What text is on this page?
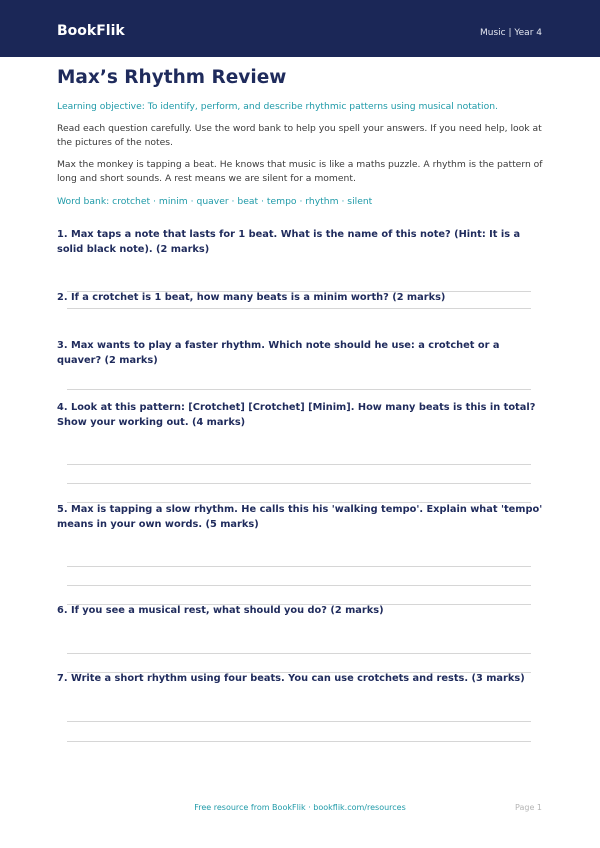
BookFlik	Music | Year 4
Max’s Rhythm Review
Learning objective: To identify, perform, and describe rhythmic patterns using musical notation.
Read each question carefully. Use the word bank to help you spell your answers. If you need help, look at the pictures of the notes.
Max the monkey is tapping a beat. He knows that music is like a maths puzzle. A rhythm is the pattern of long and short sounds. A rest means we are silent for a moment.
Word bank: crotchet · minim · quaver · beat · tempo · rhythm · silent
1. Max taps a note that lasts for 1 beat. What is the name of this note? (Hint: It is a solid black note). (2 marks)
2. If a crotchet is 1 beat, how many beats is a minim worth? (2 marks)
3. Max wants to play a faster rhythm. Which note should he use: a crotchet or a quaver? (2 marks)
4. Look at this pattern: [Crotchet] [Crotchet] [Minim]. How many beats is this in total? Show your working out. (4 marks)
5. Max is tapping a slow rhythm. He calls this his 'walking tempo'. Explain what 'tempo' means in your own words. (5 marks)
6. If you see a musical rest, what should you do? (2 marks)
7. Write a short rhythm using four beats. You can use crotchets and rests. (3 marks)
Free resource from BookFlik · bookflik.com/resources	Page 1
